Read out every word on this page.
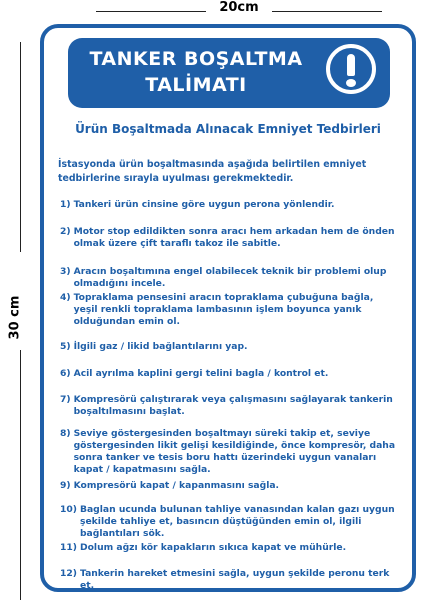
20cm
30 cm
TANKER BOŞALTMA
TALİMATI
Ürün Boşaltmada Alınacak Emniyet Tedbirleri
İstasyonda ürün boşaltmasında aşağıda belirtilen emniyet tedbirlerine sırayla uyulması gerekmektedir.
1) Tankeri ürün cinsine göre uygun perona yönlendir.
2) Motor stop edildikten sonra aracı hem arkadan hem de önden olmak üzere çift taraflı takoz ile sabitle.
3) Aracın boşaltımına engel olabilecek teknik bir problemi olup olmadığını incele.
4) Topraklama pensesini aracın topraklama çubuğuna bağla, yeşil renkli topraklama lambasının işlem boyunca yanık olduğundan emin ol.
5) İlgili gaz / likid bağlantılarını yap.
6) Acil ayrılma kaplini gergi telini bagla / kontrol et.
7) Kompresörü çalıştırarak veya çalışmasını sağlayarak tankerin boşaltılmasını başlat.
8) Seviye göstergesinden boşaltmayı süreki takip et, seviye göstergesinden likit gelişi kesildiğinde, önce kompresör, daha sonra tanker ve tesis boru hattı üzerindeki uygun vanaları kapat / kapatmasını sağla.
9) Kompresörü kapat / kapanmasını sağla.
10) Baglan ucunda bulunan tahliye vanasından kalan gazı uygun şekilde tahliye et, basıncın düştüğünden emin ol, ilgili bağlantıları sök.
11) Dolum ağzı kör kapakların sıkıca kapat ve mühürle.
12) Tankerin hareket etmesini sağla, uygun şekilde peronu terk et.
